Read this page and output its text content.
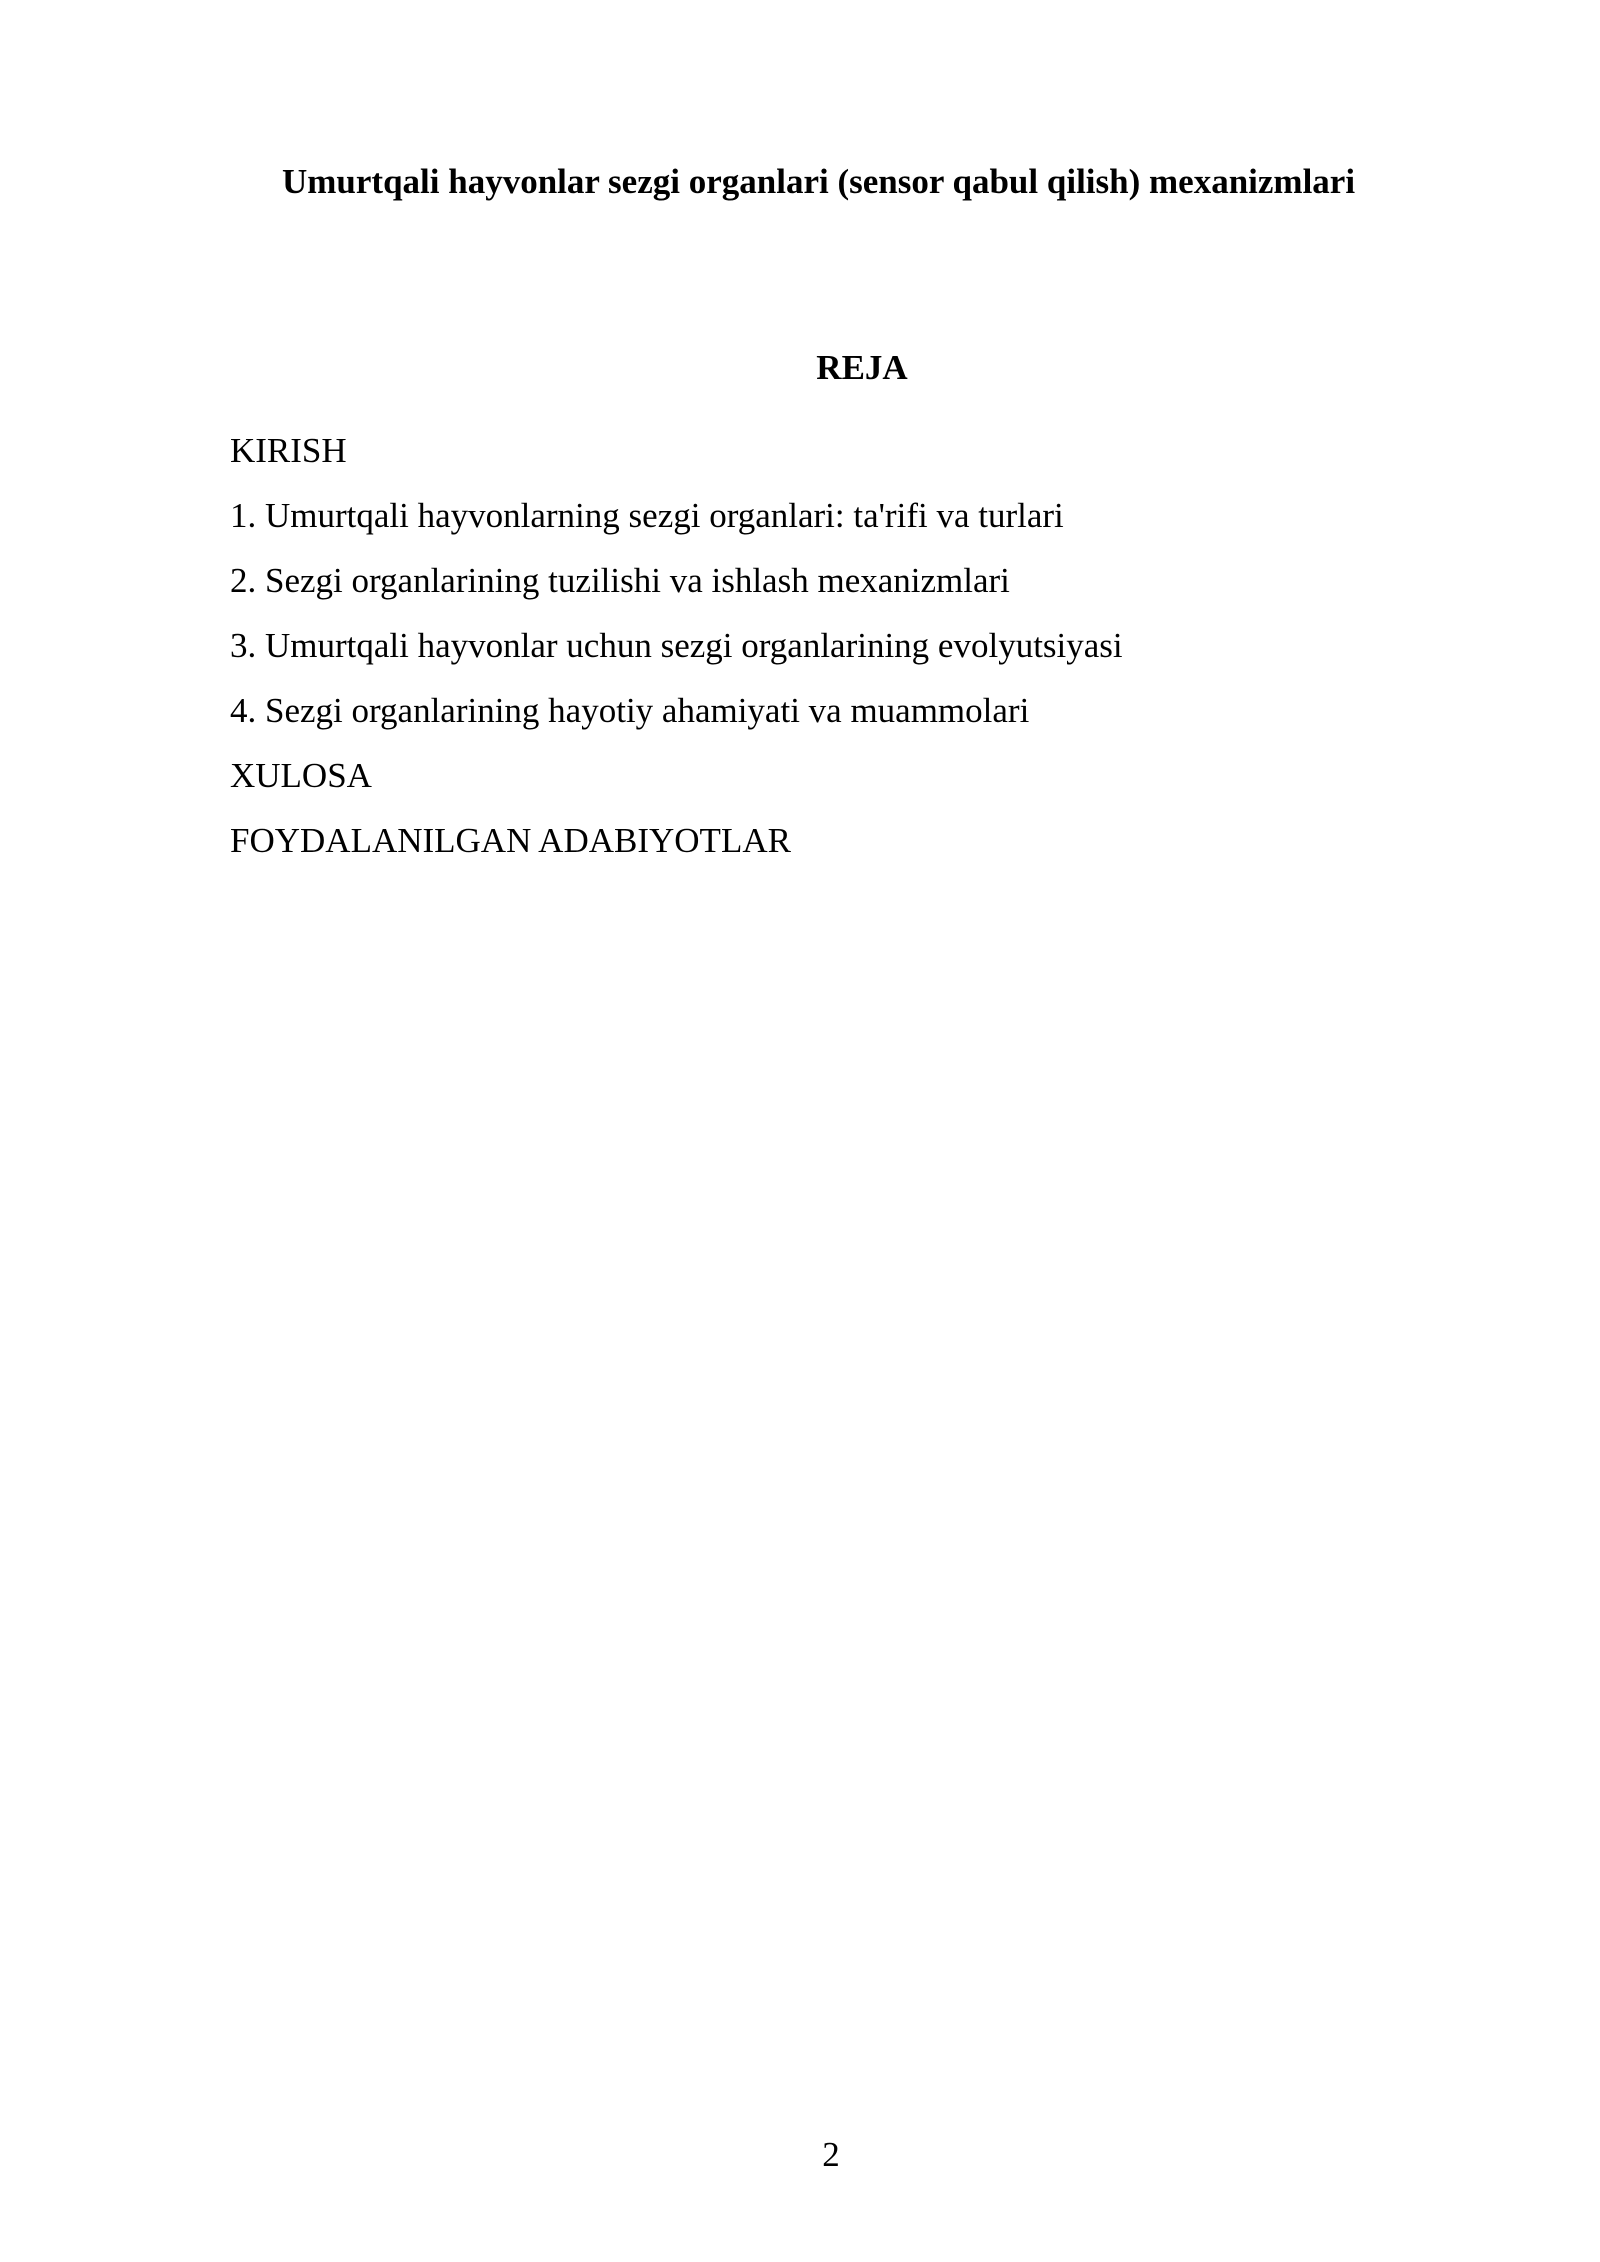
Umurtqali hayvonlar sezgi organlari (sensor qabul qilish) mexanizmlari
REJA
KIRISH
1. Umurtqali hayvonlarning sezgi organlari: ta'rifi va turlari
2. Sezgi organlarining tuzilishi va ishlash mexanizmlari
3. Umurtqali hayvonlar uchun sezgi organlarining evolyutsiyasi
4. Sezgi organlarining hayotiy ahamiyati va muammolari
XULOSA
FOYDALANILGAN ADABIYOTLAR
2
